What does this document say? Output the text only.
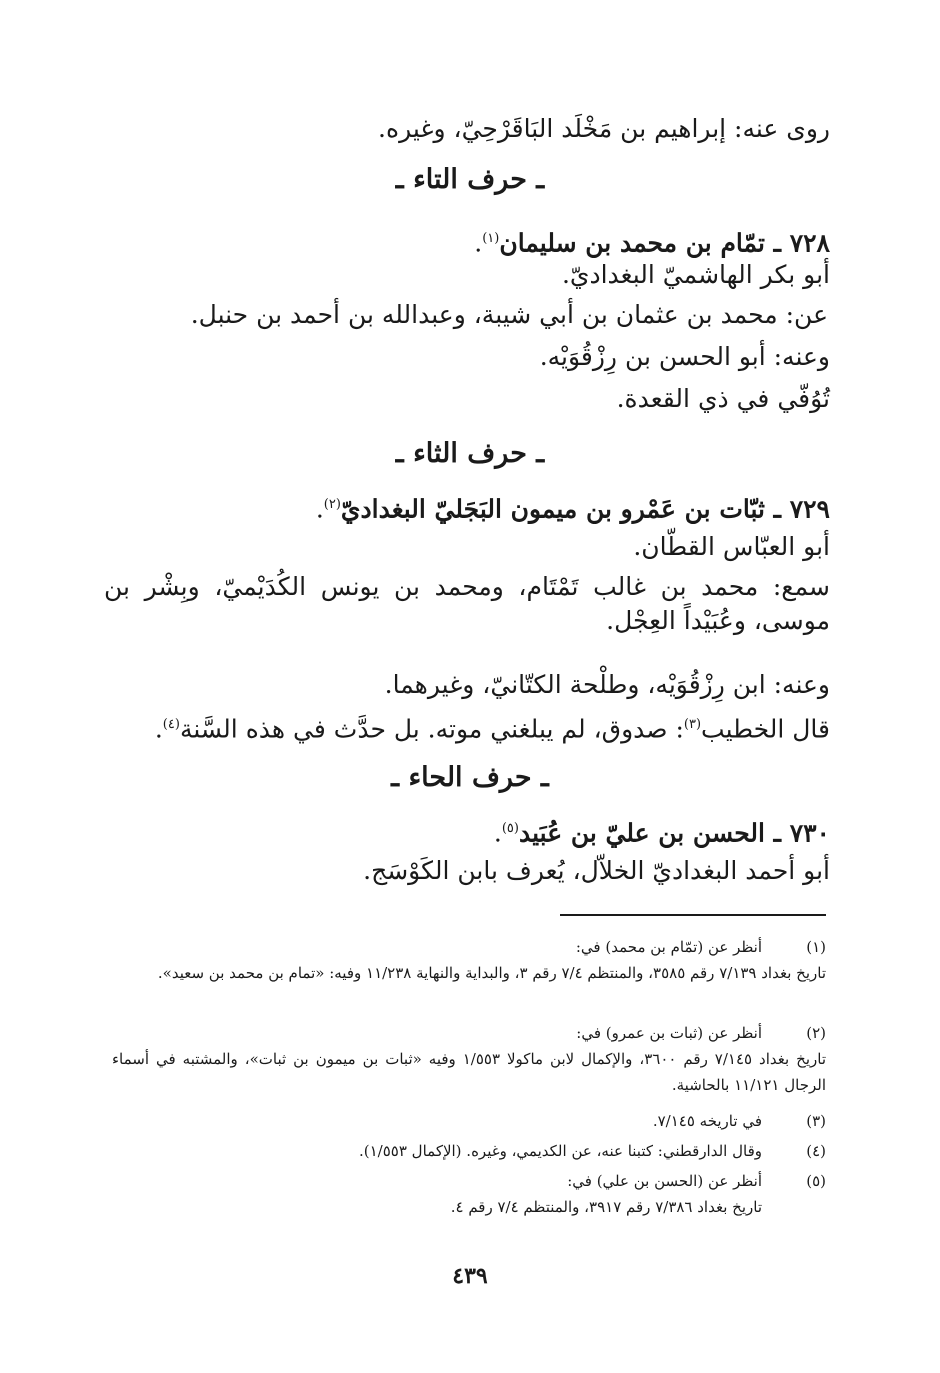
روى عنه: إبراهيم بن مَخْلَد البَاقَرْحِيّ، وغيره.
ـ حرف التاء ـ
٧٢٨ ـ تمّام بن محمد بن سليمان$^{(١)}$.
أبو بكر الهاشميّ البغداديّ.
عن: محمد بن عثمان بن أبي شيبة، وعبدالله بن أحمد بن حنبل.
وعنه: أبو الحسن بن رِزْقُوَيْه.
تُوُفّي في ذي القعدة.
ـ حرف الثاء ـ
٧٢٩ ـ ثبّات بن عَمْرو بن ميمون البَجَليّ البغداديّ$^{(٢)}$.
أبو العبّاس القطّان.
سمع: محمد بن غالب تَمْتَام، ومحمد بن يونس الكُدَيْميّ، وبِشْر بن موسى، وعُبَيْداً العِجْل.
وعنه: ابن رِزْقُوَيْه، وطلْحة الكتّانيّ، وغيرهما.
قال الخطيب$^{(٣)}$: صدوق، لم يبلغني موته. بل حدَّث في هذه السَّنة$^{(٤)}$.
ـ حرف الحاء ـ
٧٣٠ ـ الحسن بن عليّ بن عُبَيد$^{(٥)}$.
أبو أحمد البغداديّ الخلاّل، يُعرف بابن الكَوْسَج.
(١)
أنظر عن (تمّام بن محمد) في:
تاريخ بغداد ٧/١٣٩ رقم ٣٥٨٥، والمنتظم ٧/٤ رقم ٣، والبداية والنهاية ١١/٢٣٨ وفيه: «تمام بن محمد بن سعيد».
(٢)
أنظر عن (ثبات بن عمرو) في:
تاريخ بغداد ٧/١٤٥ رقم ٣٦٠٠، والإكمال لابن ماكولا ١/٥٥٣ وفيه «ثبات بن ميمون بن ثبات»، والمشتبه في أسماء الرجال ١١/١٢١ بالحاشية.
(٣)
في تاريخه ٧/١٤٥.
(٤)
وقال الدارقطني: كتبنا عنه، عن الكديمي، وغيره. (الإكمال ١/٥٥٣).
(٥)
أنظر عن (الحسن بن علي) في:
تاريخ بغداد ٧/٣٨٦ رقم ٣٩١٧، والمنتظم ٧/٤ رقم ٤.
٤٣٩
